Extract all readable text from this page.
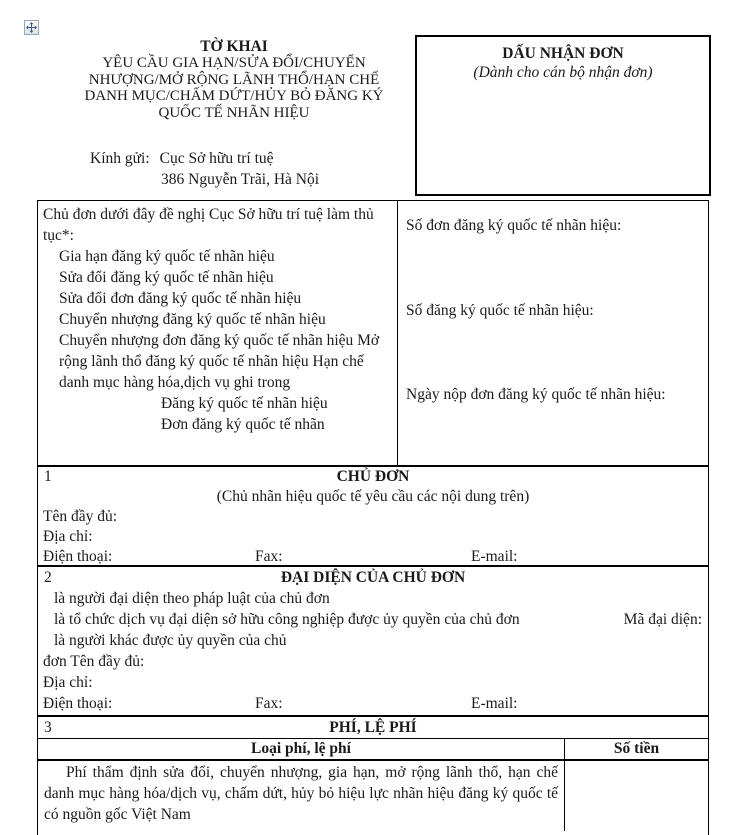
TỜ KHAI
YÊU CẦU GIA HẠN/SỬA ĐỔI/CHUYỂN
NHƯỢNG/MỞ RỘNG LÃNH THỔ/HẠN CHẾ
DANH MỤC/CHẤM DỨT/HỦY BỎ ĐĂNG KÝ
QUỐC TẾ NHÃN HIỆU
Kính gửi: Cục Sở hữu trí tuệ
386 Nguyễn Trãi, Hà Nội
DẤU NHẬN ĐƠN
(Dành cho cán bộ nhận đơn)
Chủ đơn dưới đây đề nghị Cục Sở hữu trí tuệ làm thủ tục*:
Gia hạn đăng ký quốc tế nhãn hiệu
Sửa đổi đăng ký quốc tế nhãn hiệu
Sửa đổi đơn đăng ký quốc tế nhãn hiệu
Chuyển nhượng đăng ký quốc tế nhãn hiệu
Chuyển nhượng đơn đăng ký quốc tế nhãn hiệu Mở rộng lãnh thổ đăng ký quốc tế nhãn hiệu Hạn chế danh mục hàng hóa,dịch vụ ghi trong
Đăng ký quốc tế nhãn hiệu
Đơn đăng ký quốc tế nhãn
Số đơn đăng ký quốc tế nhãn hiệu:
Số đăng ký quốc tế nhãn hiệu:
Ngày nộp đơn đăng ký quốc tế nhãn hiệu:
1	CHỦ ĐƠN
(Chủ nhãn hiệu quốc tế yêu cầu các nội dung trên)
Tên đầy đủ:
Địa chỉ:
Điện thoại:	Fax:	E-mail:
2	ĐẠI DIỆN CỦA CHỦ ĐƠN
là người đại diện theo pháp luật của chủ đơn
là tổ chức dịch vụ đại diện sở hữu công nghiệp được ủy quyền của chủ đơn	Mã đại diện:
là người khác được ủy quyền của chủ
đơn Tên đầy đủ:
Địa chỉ:
Điện thoại:	Fax:	E-mail:
3	PHÍ, LỆ PHÍ
Loại phí, lệ phí	Số tiền
Phí thẩm định sửa đổi, chuyển nhượng, gia hạn, mở rộng lãnh thổ, hạn chế danh mục hàng hóa/dịch vụ, chấm dứt, hủy bỏ hiệu lực nhãn hiệu đăng ký quốc tế có nguồn gốc Việt Nam
